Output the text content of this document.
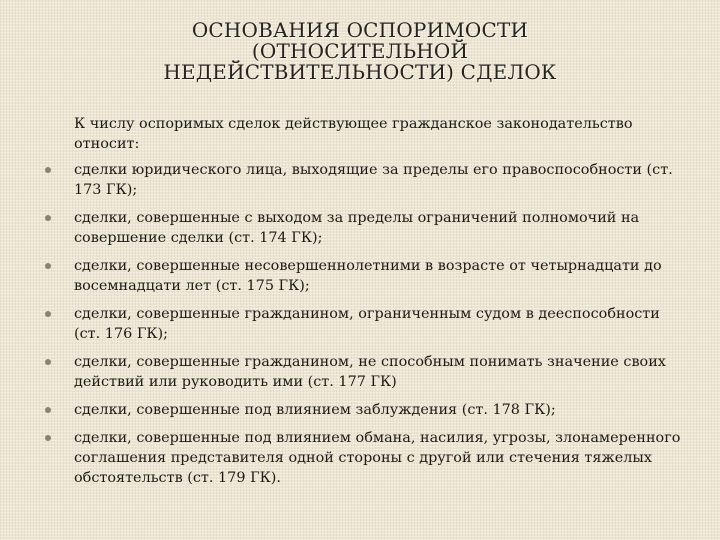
ОСНОВАНИЯ ОСПОРИМОСТИ
(ОТНОСИТЕЛЬНОЙ
НЕДЕЙСТВИТЕЛЬНОСТИ) СДЕЛОК

К числу оспоримых сделок действующее гражданское законодательство относит:

сделки юридического лица, выходящие за пределы его правоспособности (ст. 173 ГК);
сделки, совершенные с выходом за пределы ограничений полномочий на совершение сделки (ст. 174 ГК);
сделки, совершенные несовершеннолетними в возрасте от четырнадцати до восемнадцати лет (ст. 175 ГК);
сделки, совершенные гражданином, ограниченным судом в дееспособности (ст. 176 ГК);
сделки, совершенные гражданином, не способным понимать значение своих действий или руководить ими (ст. 177 ГК)
сделки, совершенные под влиянием заблуждения (ст. 178 ГК);
сделки, совершенные под влиянием обмана, насилия, угрозы, злонамеренного соглашения представителя одной стороны с другой или стечения тяжелых обстоятельств (ст. 179 ГК).
